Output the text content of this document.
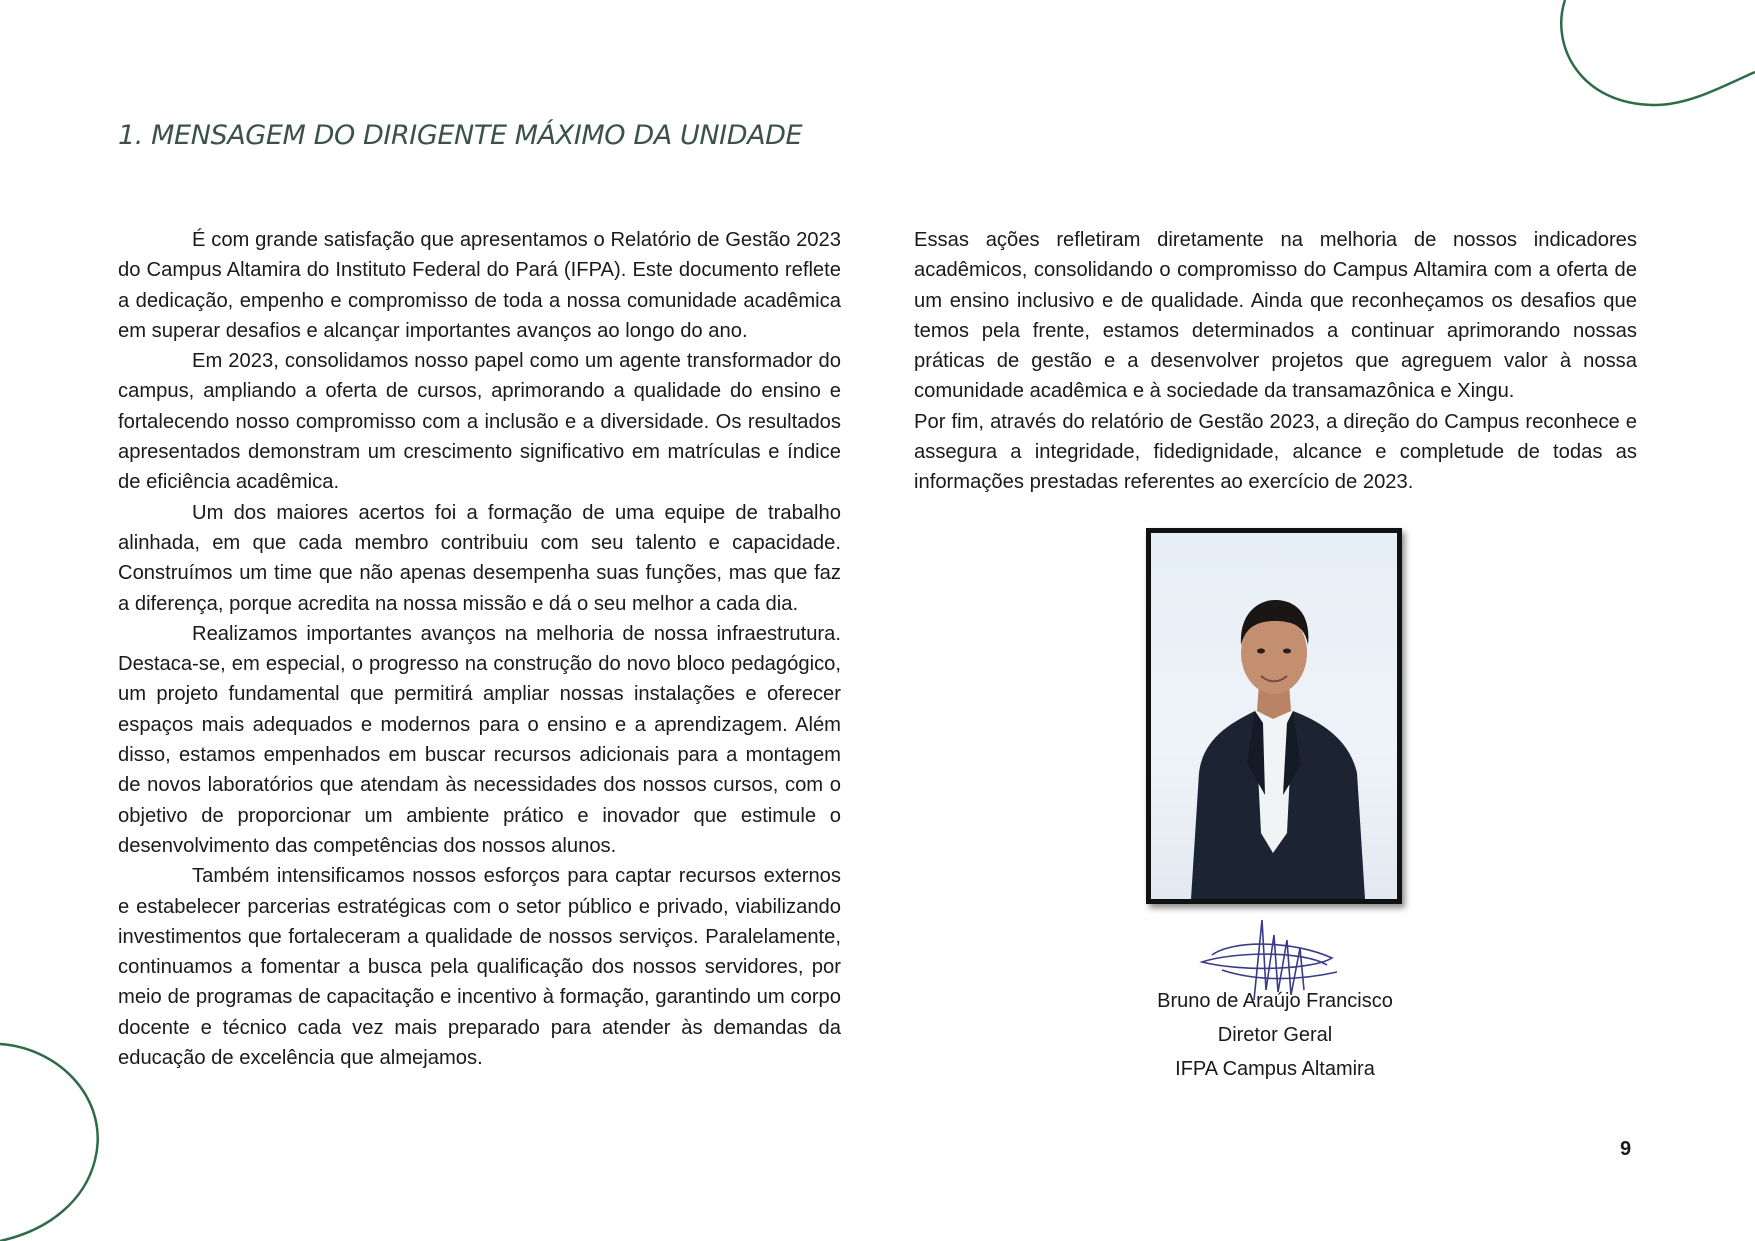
1. MENSAGEM DO DIRIGENTE MÁXIMO DA UNIDADE

É com grande satisfação que apresentamos o Relatório de Gestão 2023 do Campus Altamira do Instituto Federal do Pará (IFPA). Este documento reflete a dedicação, empenho e compromisso de toda a nossa comunidade acadêmica em superar desafios e alcançar importantes avanços ao longo do ano.

Em 2023, consolidamos nosso papel como um agente transformador do campus, ampliando a oferta de cursos, aprimorando a qualidade do ensino e fortalecendo nosso compromisso com a inclusão e a diversidade. Os resultados apresentados demonstram um crescimento significativo em matrículas e índice de eficiência acadêmica.

Um dos maiores acertos foi a formação de uma equipe de trabalho alinhada, em que cada membro contribuiu com seu talento e capacidade. Construímos um time que não apenas desempenha suas funções, mas que faz a diferença, porque acredita na nossa missão e dá o seu melhor a cada dia.

Realizamos importantes avanços na melhoria de nossa infraestrutura. Destaca-se, em especial, o progresso na construção do novo bloco pedagógico, um projeto fundamental que permitirá ampliar nossas instalações e oferecer espaços mais adequados e modernos para o ensino e a aprendizagem. Além disso, estamos empenhados em buscar recursos adicionais para a montagem de novos laboratórios que atendam às necessidades dos nossos cursos, com o objetivo de proporcionar um ambiente prático e inovador que estimule o desenvolvimento das competências dos nossos alunos.

Também intensificamos nossos esforços para captar recursos externos e estabelecer parcerias estratégicas com o setor público e privado, viabilizando investimentos que fortaleceram a qualidade de nossos serviços. Paralelamente, continuamos a fomentar a busca pela qualificação dos nossos servidores, por meio de programas de capacitação e incentivo à formação, garantindo um corpo docente e técnico cada vez mais preparado para atender às demandas da educação de excelência que almejamos.

Essas ações refletiram diretamente na melhoria de nossos indicadores acadêmicos, consolidando o compromisso do Campus Altamira com a oferta de um ensino inclusivo e de qualidade. Ainda que reconheçamos os desafios que temos pela frente, estamos determinados a continuar aprimorando nossas práticas de gestão e a desenvolver projetos que agreguem valor à nossa comunidade acadêmica e à sociedade da transamazônica e Xingu.

Por fim, através do relatório de Gestão 2023, a direção do Campus reconhece e assegura a integridade, fidedignidade, alcance e completude de todas as informações prestadas referentes ao exercício de 2023.

Bruno de Araújo Francisco
Diretor Geral
IFPA Campus Altamira
9
